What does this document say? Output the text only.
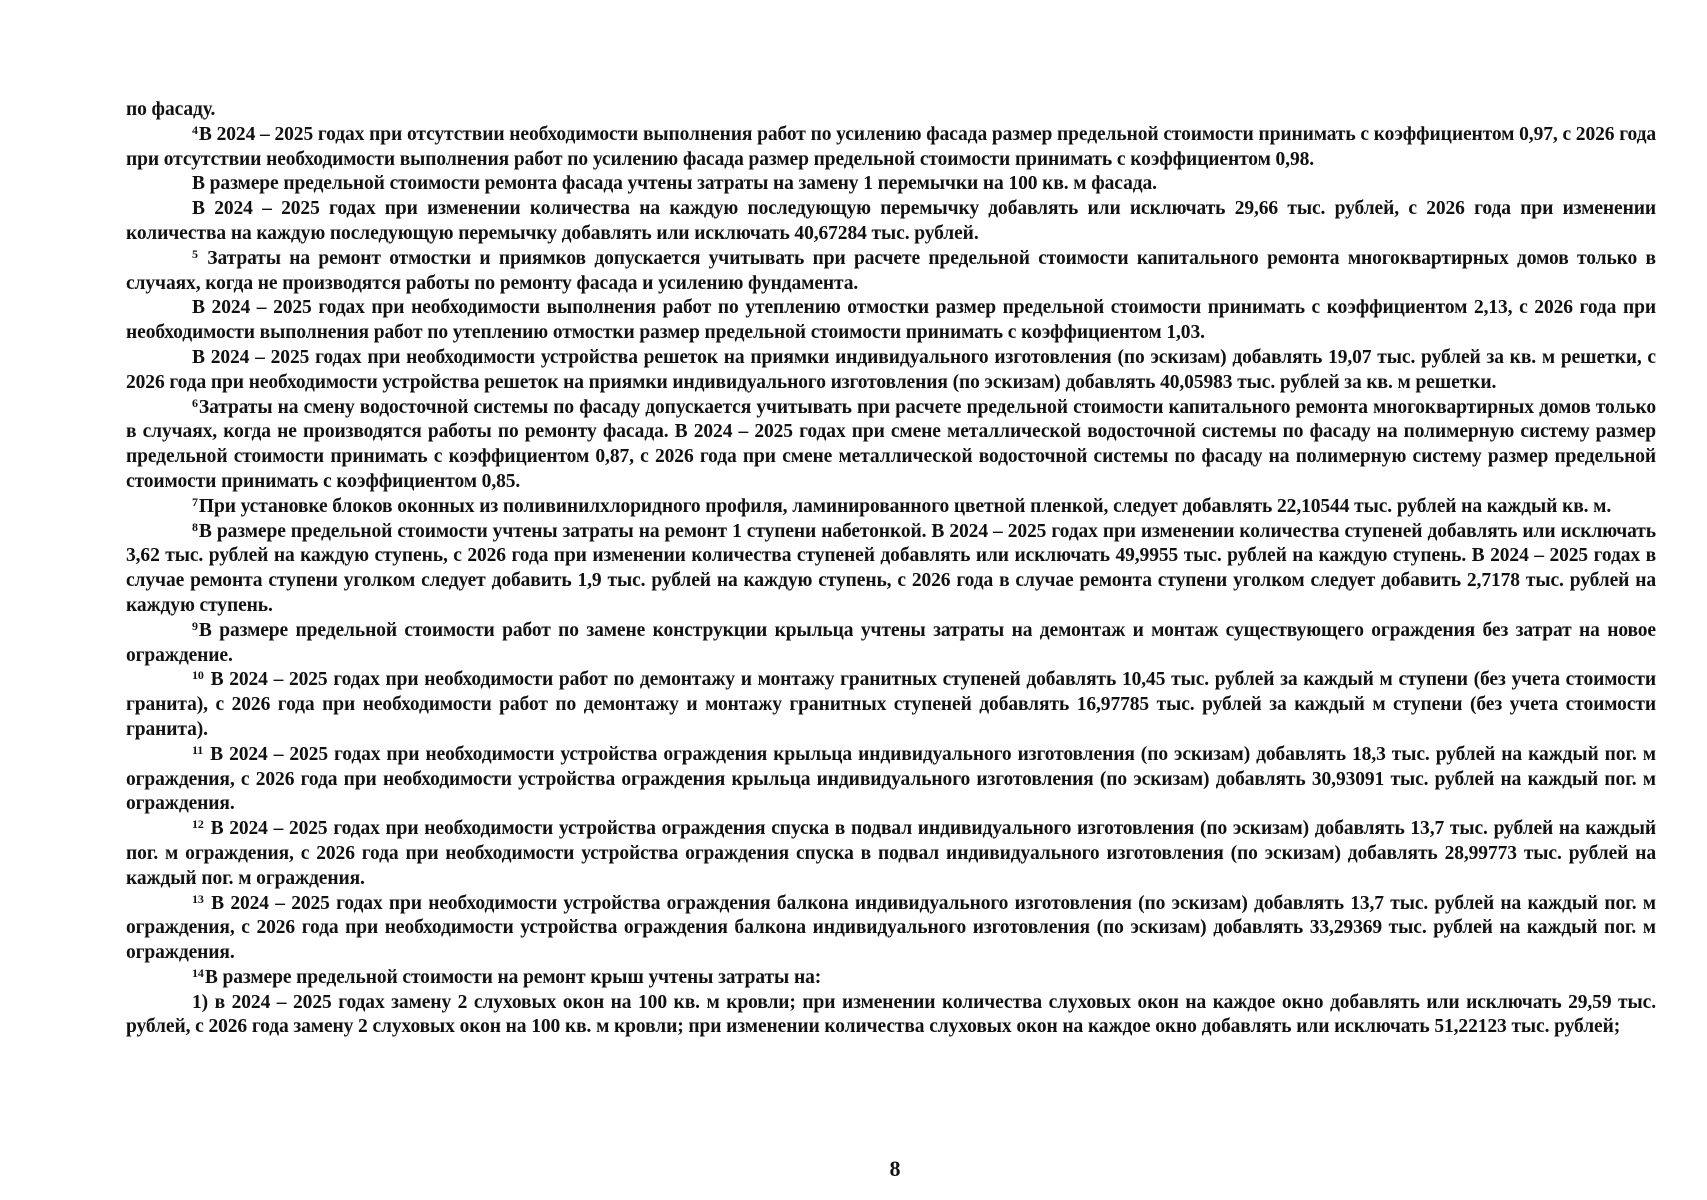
по фасаду.

$^4$В 2024 – 2025 годах при отсутствии необходимости выполнения работ по усилению фасада размер предельной стоимости принимать с коэффициентом 0,97, с 2026 года при отсутствии необходимости выполнения работ по усилению фасада размер предельной стоимости принимать с коэффициентом 0,98.

В размере предельной стоимости ремонта фасада учтены затраты на замену 1 перемычки на 100 кв. м фасада.

В 2024 – 2025 годах при изменении количества на каждую последующую перемычку добавлять или исключать 29,66 тыс. рублей, с 2026 года при изменении количества на каждую последующую перемычку добавлять или исключать 40,67284 тыс. рублей.

$^5$ Затраты на ремонт отмостки и приямков допускается учитывать при расчете предельной стоимости капитального ремонта многоквартирных домов только в случаях, когда не производятся работы по ремонту фасада и усилению фундамента.

В 2024 – 2025 годах при необходимости выполнения работ по утеплению отмостки размер предельной стоимости принимать с коэффициентом 2,13, с 2026 года при необходимости выполнения работ по утеплению отмостки размер предельной стоимости принимать с коэффициентом 1,03.

В 2024 – 2025 годах при необходимости устройства решеток на приямки индивидуального изготовления (по эскизам) добавлять 19,07 тыс. рублей за кв. м решетки, с 2026 года при необходимости устройства решеток на приямки индивидуального изготовления (по эскизам) добавлять 40,05983 тыс. рублей за кв. м решетки.

$^6$Затраты на смену водосточной системы по фасаду допускается учитывать при расчете предельной стоимости капитального ремонта многоквартирных домов только в случаях, когда не производятся работы по ремонту фасада. В 2024 – 2025 годах при смене металлической водосточной системы по фасаду на полимерную систему размер предельной стоимости принимать с коэффициентом 0,87, с 2026 года при смене металлической водосточной системы по фасаду на полимерную систему размер предельной стоимости принимать с коэффициентом 0,85.

$^7$При установке блоков оконных из поливинилхлоридного профиля, ламинированного цветной пленкой, следует добавлять 22,10544 тыс. рублей на каждый кв. м.

$^8$В размере предельной стоимости учтены затраты на ремонт 1 ступени набетонкой. В 2024 – 2025 годах при изменении количества ступеней добавлять или исключать 3,62 тыс. рублей на каждую ступень, с 2026 года при изменении количества ступеней добавлять или исключать 49,9955 тыс. рублей на каждую ступень. В 2024 – 2025 годах в случае ремонта ступени уголком следует добавить 1,9 тыс. рублей на каждую ступень, с 2026 года в случае ремонта ступени уголком следует добавить 2,7178 тыс. рублей на каждую ступень.

$^9$В размере предельной стоимости работ по замене конструкции крыльца учтены затраты на демонтаж и монтаж существующего ограждения без затрат на новое ограждение.

$^{10}$ В 2024 – 2025 годах при необходимости работ по демонтажу и монтажу гранитных ступеней добавлять 10,45 тыс. рублей за каждый м ступени (без учета стоимости гранита), с 2026 года при необходимости работ по демонтажу и монтажу гранитных ступеней добавлять 16,97785 тыс. рублей за каждый м ступени (без учета стоимости гранита).

$^{11}$ В 2024 – 2025 годах при необходимости устройства ограждения крыльца индивидуального изготовления (по эскизам) добавлять 18,3 тыс. рублей на каждый пог. м ограждения, с 2026 года при необходимости устройства ограждения крыльца индивидуального изготовления (по эскизам) добавлять 30,93091 тыс. рублей на каждый пог. м ограждения.

$^{12}$ В 2024 – 2025 годах при необходимости устройства ограждения спуска в подвал индивидуального изготовления (по эскизам) добавлять 13,7 тыс. рублей на каждый пог. м ограждения, с 2026 года при необходимости устройства ограждения спуска в подвал индивидуального изготовления (по эскизам) добавлять 28,99773 тыс. рублей на каждый пог. м ограждения.

$^{13}$ В 2024 – 2025 годах при необходимости устройства ограждения балкона индивидуального изготовления (по эскизам) добавлять 13,7 тыс. рублей на каждый пог. м ограждения, с 2026 года при необходимости устройства ограждения балкона индивидуального изготовления (по эскизам) добавлять 33,29369 тыс. рублей на каждый пог. м ограждения.

$^{14}$В размере предельной стоимости на ремонт крыш учтены затраты на:

1) в 2024 – 2025 годах замену 2 слуховых окон на 100 кв. м кровли; при изменении количества слуховых окон на каждое окно добавлять или исключать 29,59 тыс. рублей, с 2026 года замену 2 слуховых окон на 100 кв. м кровли; при изменении количества слуховых окон на каждое окно добавлять или исключать 51,22123 тыс. рублей;

8
